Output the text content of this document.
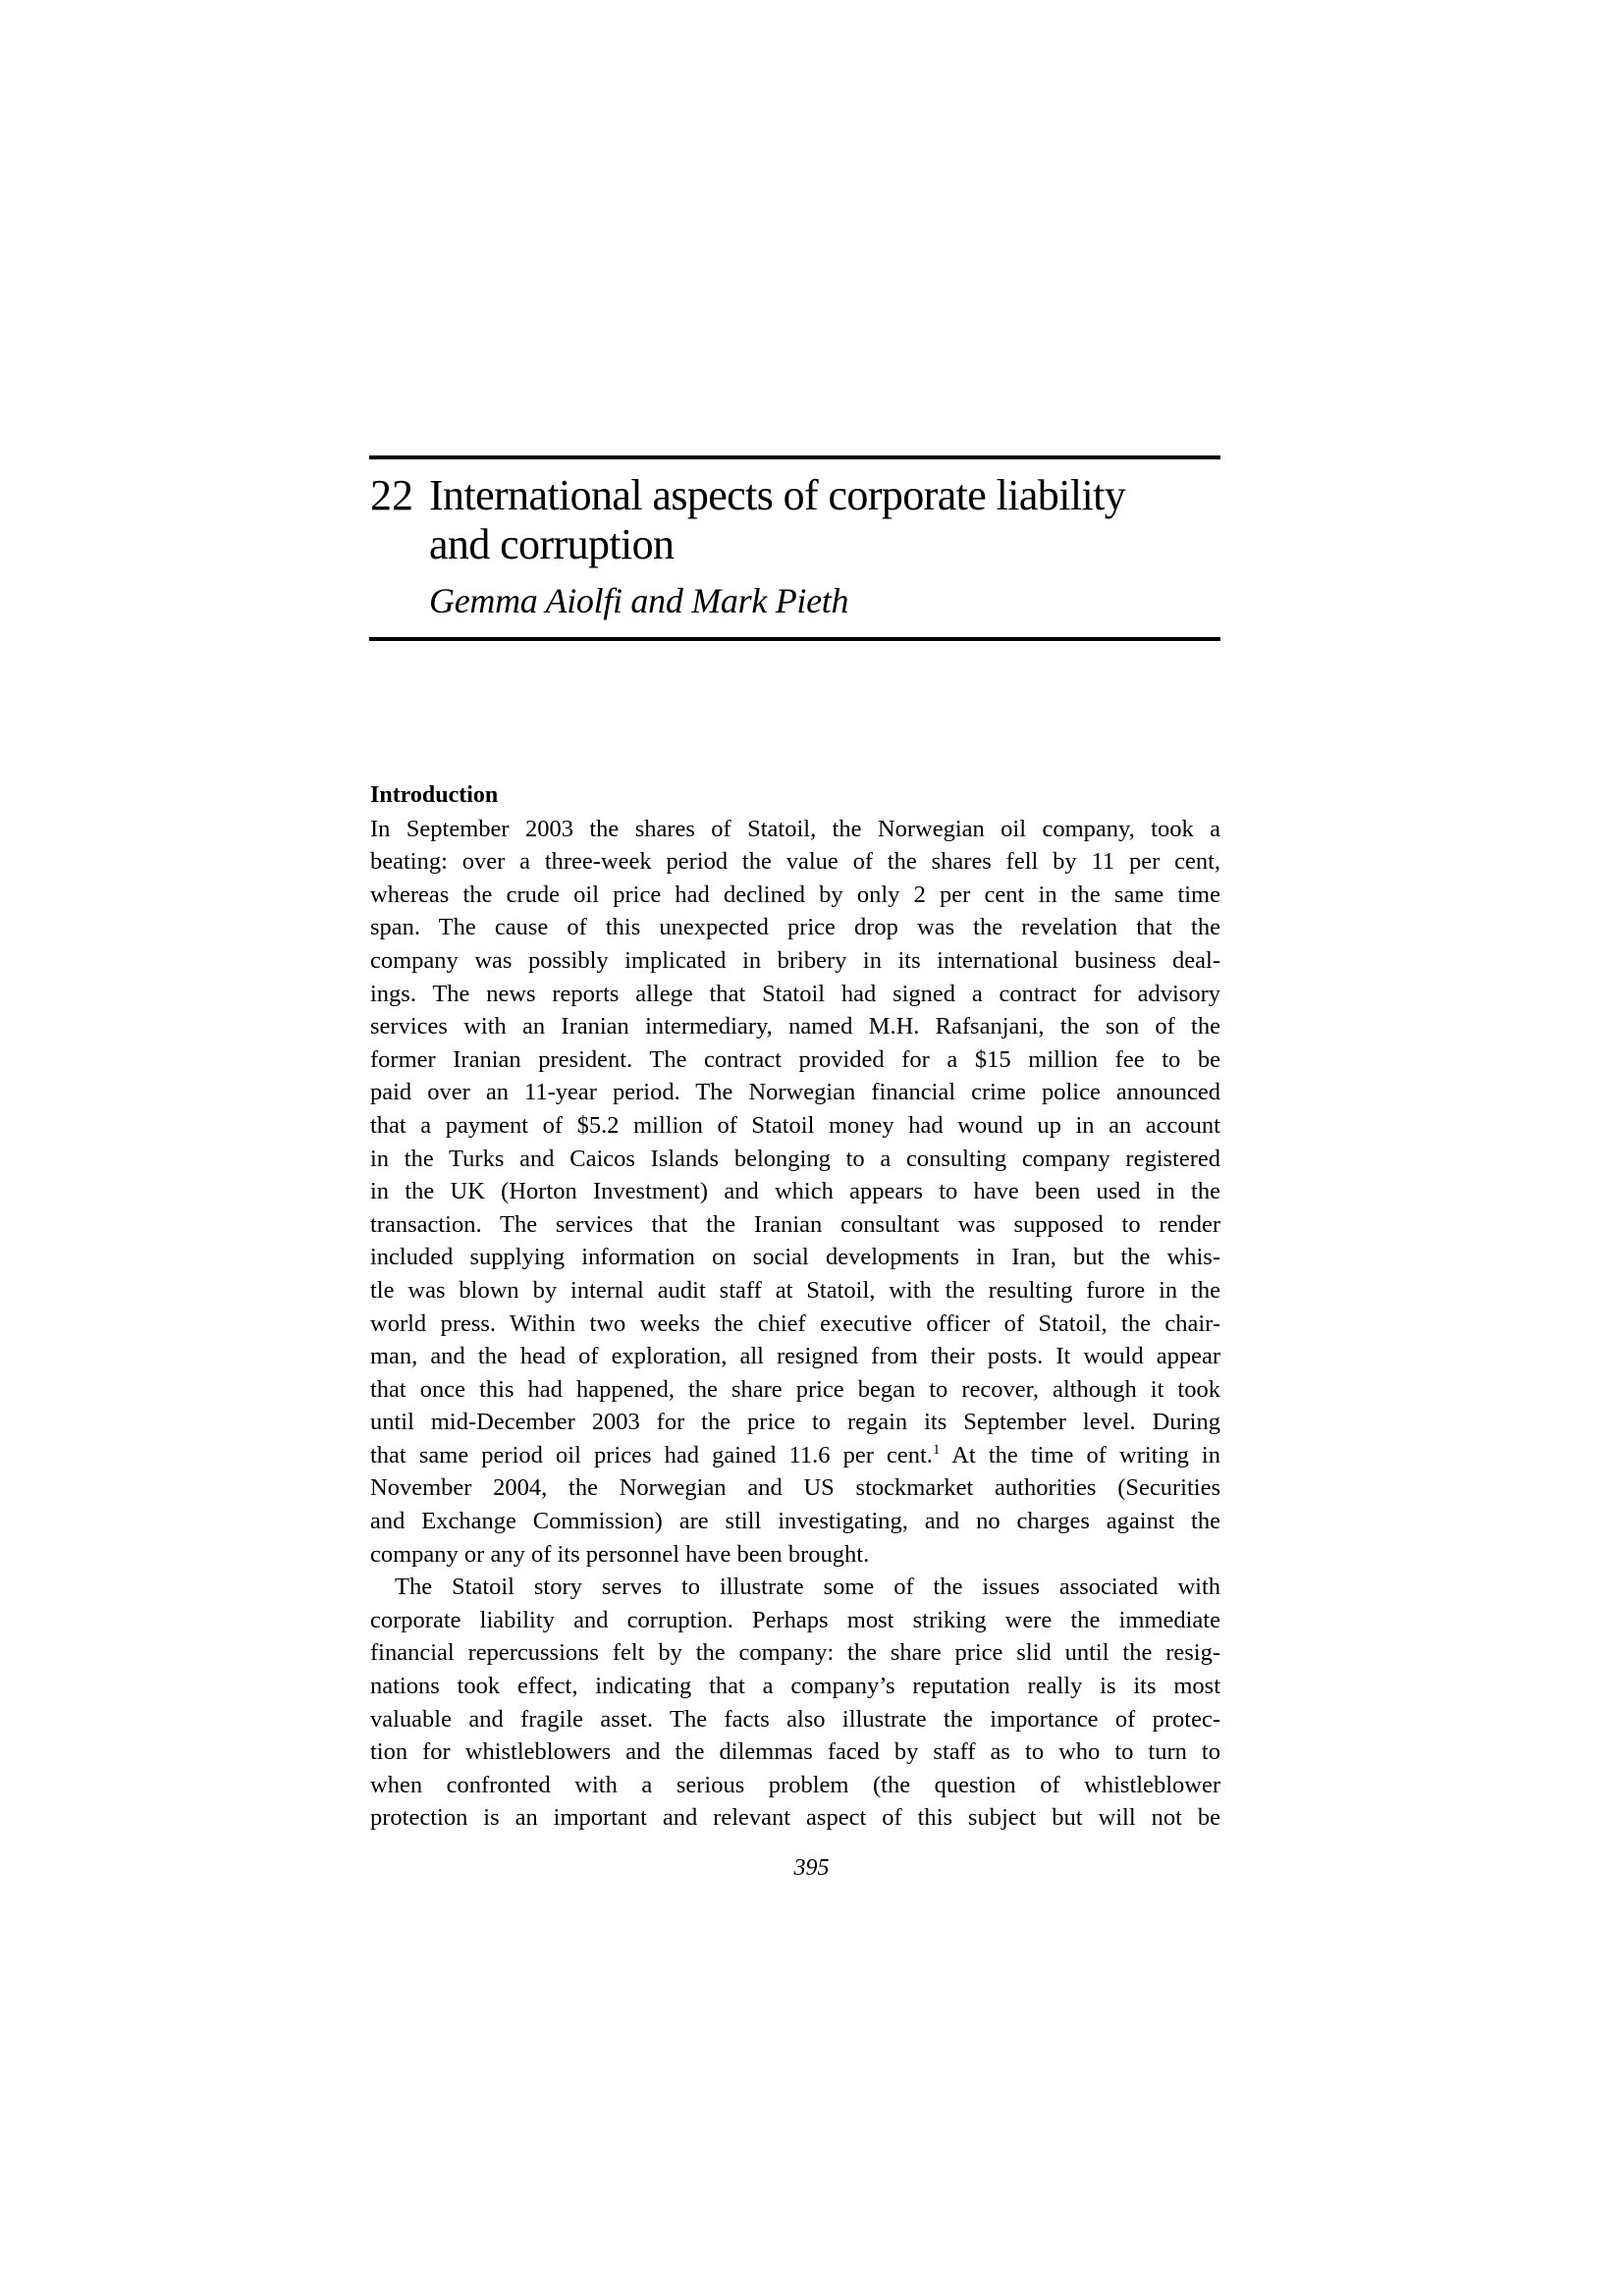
22 International aspects of corporate liability
and corruption
Gemma Aiolfi and Mark Pieth
Introduction
In September 2003 the shares of Statoil, the Norwegian oil company, took a
beating: over a three-week period the value of the shares fell by 11 per cent,
whereas the crude oil price had declined by only 2 per cent in the same time
span. The cause of this unexpected price drop was the revelation that the
company was possibly implicated in bribery in its international business deal-
ings. The news reports allege that Statoil had signed a contract for advisory
services with an Iranian intermediary, named M.H. Rafsanjani, the son of the
former Iranian president. The contract provided for a $15 million fee to be
paid over an 11-year period. The Norwegian financial crime police announced
that a payment of $5.2 million of Statoil money had wound up in an account
in the Turks and Caicos Islands belonging to a consulting company registered
in the UK (Horton Investment) and which appears to have been used in the
transaction. The services that the Iranian consultant was supposed to render
included supplying information on social developments in Iran, but the whis-
tle was blown by internal audit staff at Statoil, with the resulting furore in the
world press. Within two weeks the chief executive officer of Statoil, the chair-
man, and the head of exploration, all resigned from their posts. It would appear
that once this had happened, the share price began to recover, although it took
until mid-December 2003 for the price to regain its September level. During
that same period oil prices had gained 11.6 per cent.$^1$ At the time of writing in
November 2004, the Norwegian and US stockmarket authorities (Securities
and Exchange Commission) are still investigating, and no charges against the
company or any of its personnel have been brought.
The Statoil story serves to illustrate some of the issues associated with
corporate liability and corruption. Perhaps most striking were the immediate
financial repercussions felt by the company: the share price slid until the resig-
nations took effect, indicating that a company’s reputation really is its most
valuable and fragile asset. The facts also illustrate the importance of protec-
tion for whistleblowers and the dilemmas faced by staff as to who to turn to
when confronted with a serious problem (the question of whistleblower
protection is an important and relevant aspect of this subject but will not be
395
